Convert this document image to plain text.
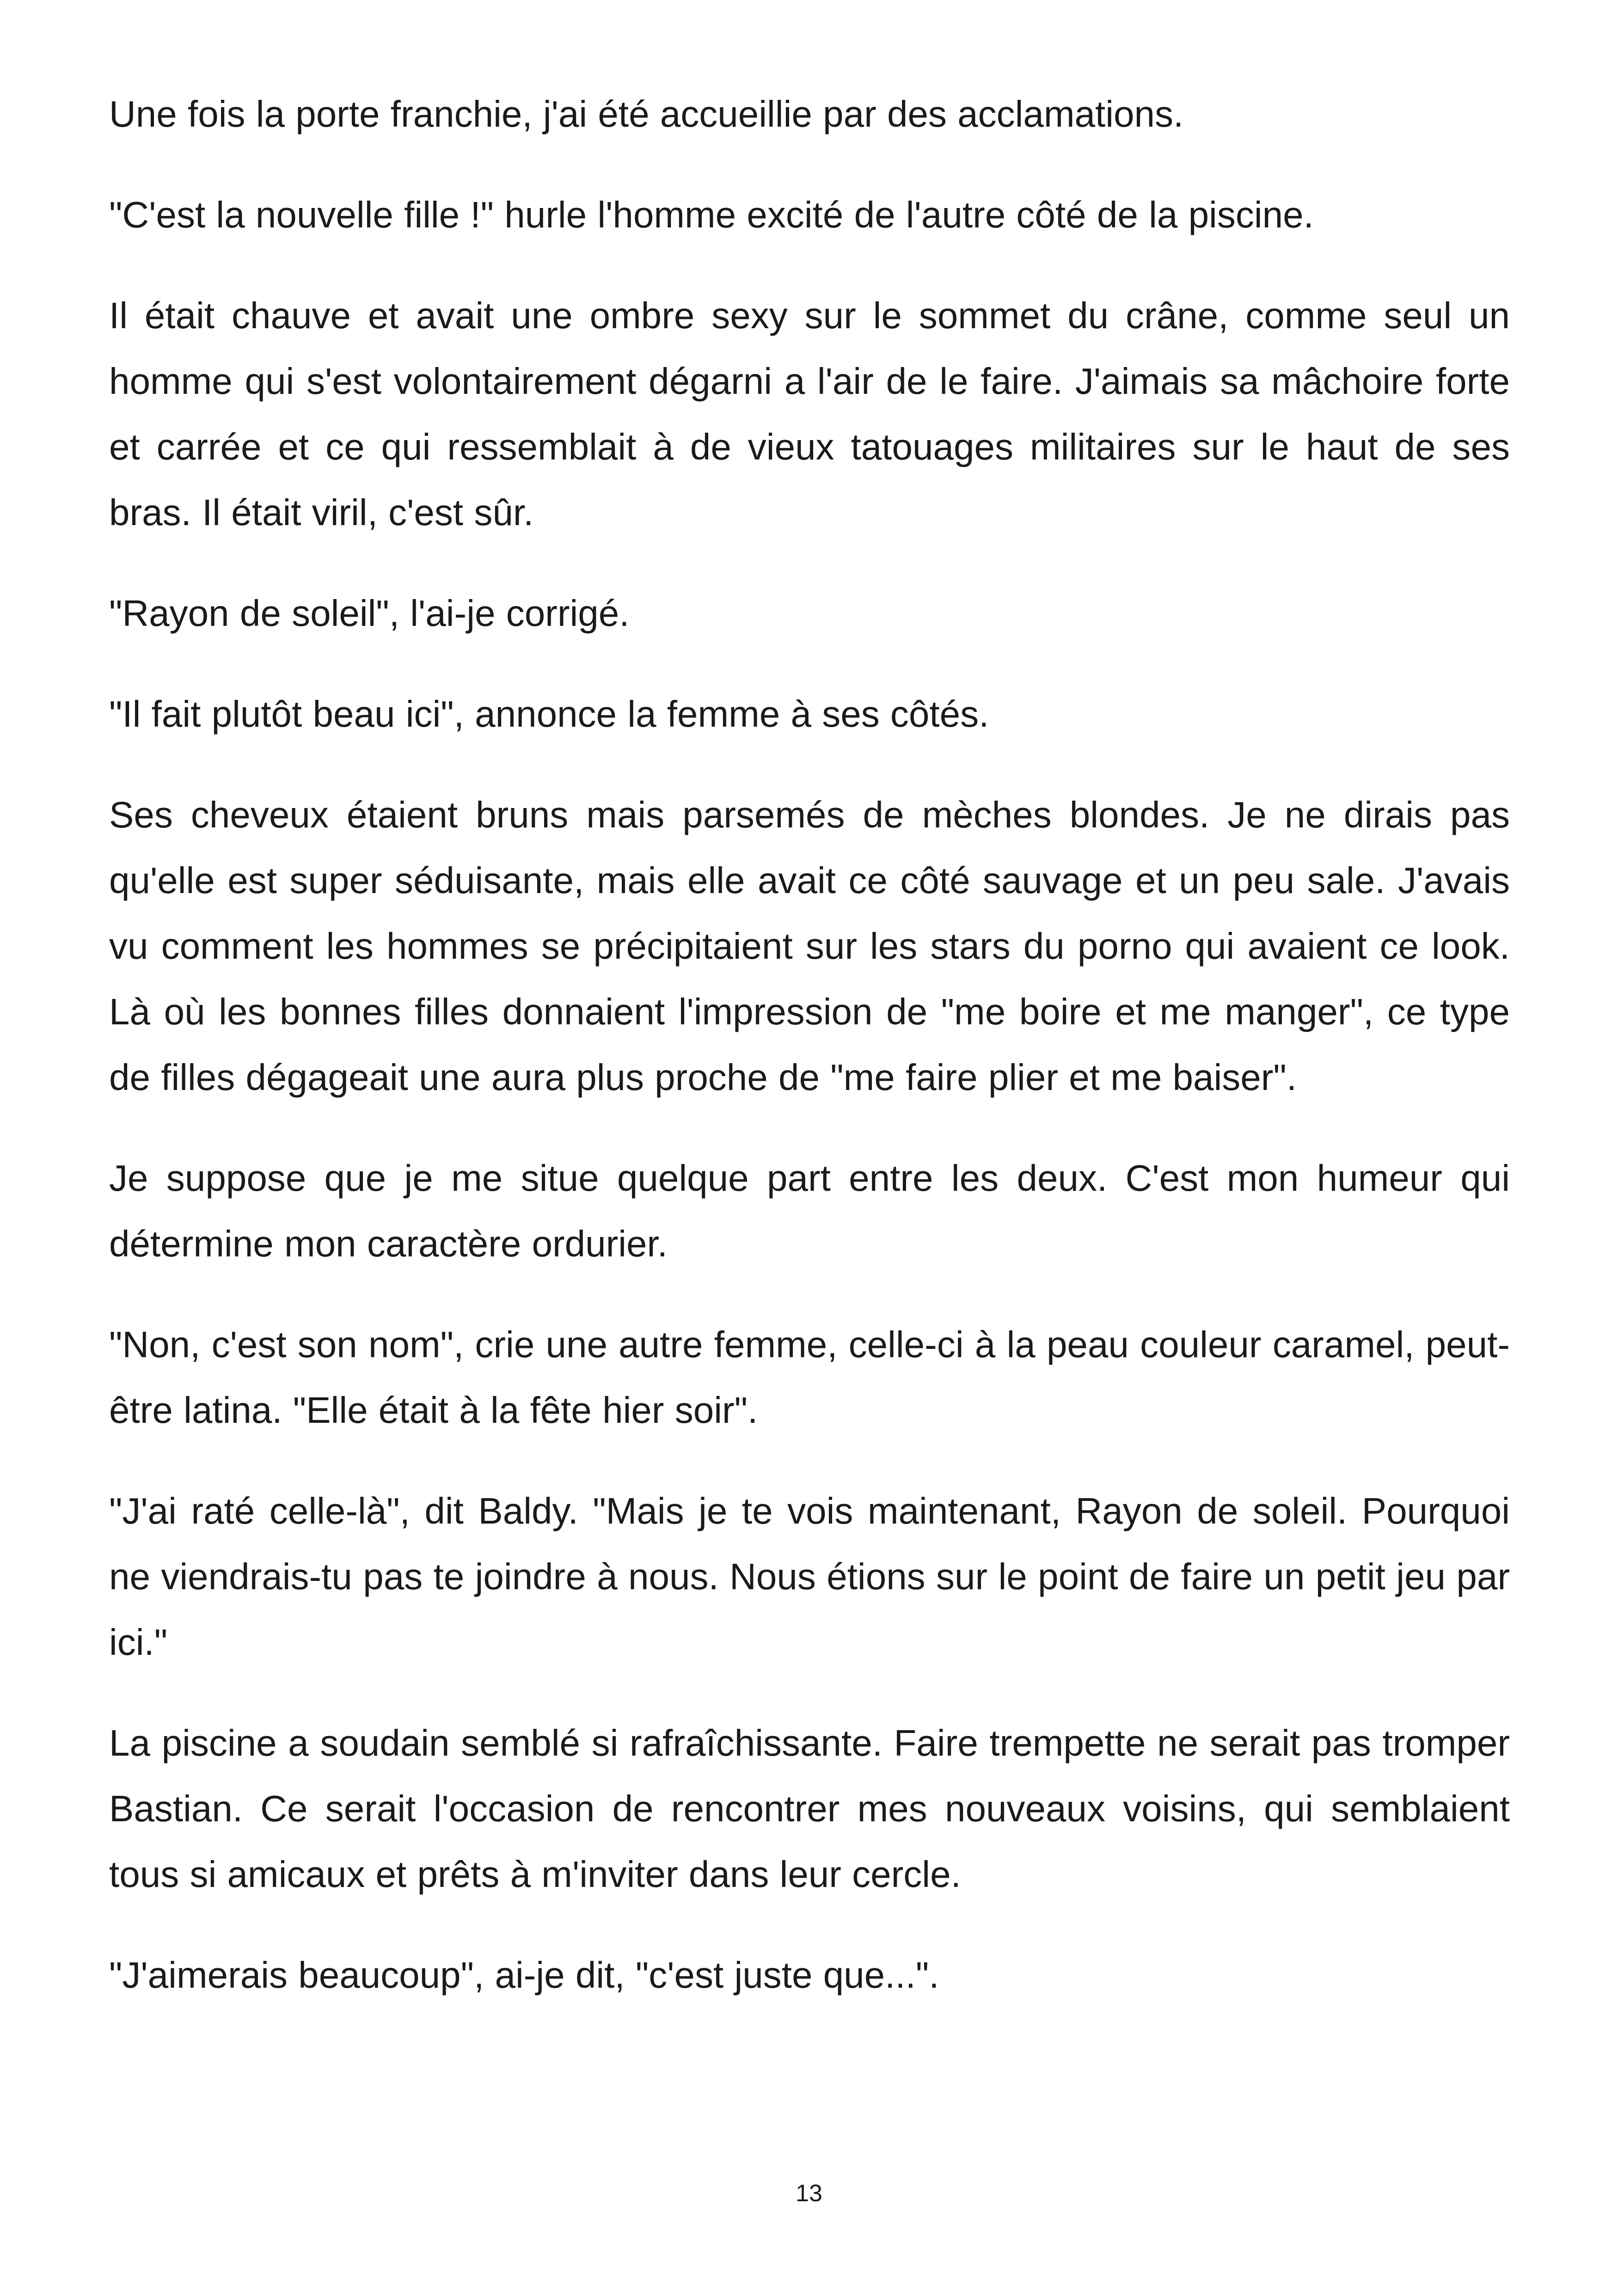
Une fois la porte franchie, j'ai été accueillie par des acclamations.

"C'est la nouvelle fille !" hurle l'homme excité de l'autre côté de la piscine.

Il était chauve et avait une ombre sexy sur le sommet du crâne, comme seul un homme qui s'est volontairement dégarni a l'air de le faire. J'aimais sa mâchoire forte et carrée et ce qui ressemblait à de vieux tatouages militaires sur le haut de ses bras. Il était viril, c'est sûr.

"Rayon de soleil", l'ai-je corrigé.

"Il fait plutôt beau ici", annonce la femme à ses côtés.

Ses cheveux étaient bruns mais parsemés de mèches blondes. Je ne dirais pas qu'elle est super séduisante, mais elle avait ce côté sauvage et un peu sale. J'avais vu comment les hommes se précipitaient sur les stars du porno qui avaient ce look. Là où les bonnes filles donnaient l'impression de "me boire et me manger", ce type de filles dégageait une aura plus proche de "me faire plier et me baiser".

Je suppose que je me situe quelque part entre les deux. C'est mon humeur qui détermine mon caractère ordurier.

"Non, c'est son nom", crie une autre femme, celle-ci à la peau couleur caramel, peut-être latina. "Elle était à la fête hier soir".

"J'ai raté celle-là", dit Baldy. "Mais je te vois maintenant, Rayon de soleil. Pourquoi ne viendrais-tu pas te joindre à nous. Nous étions sur le point de faire un petit jeu par ici."

La piscine a soudain semblé si rafraîchissante. Faire trempette ne serait pas tromper Bastian. Ce serait l'occasion de rencontrer mes nouveaux voisins, qui semblaient tous si amicaux et prêts à m'inviter dans leur cercle.

"J'aimerais beaucoup", ai-je dit, "c'est juste que...".

13
